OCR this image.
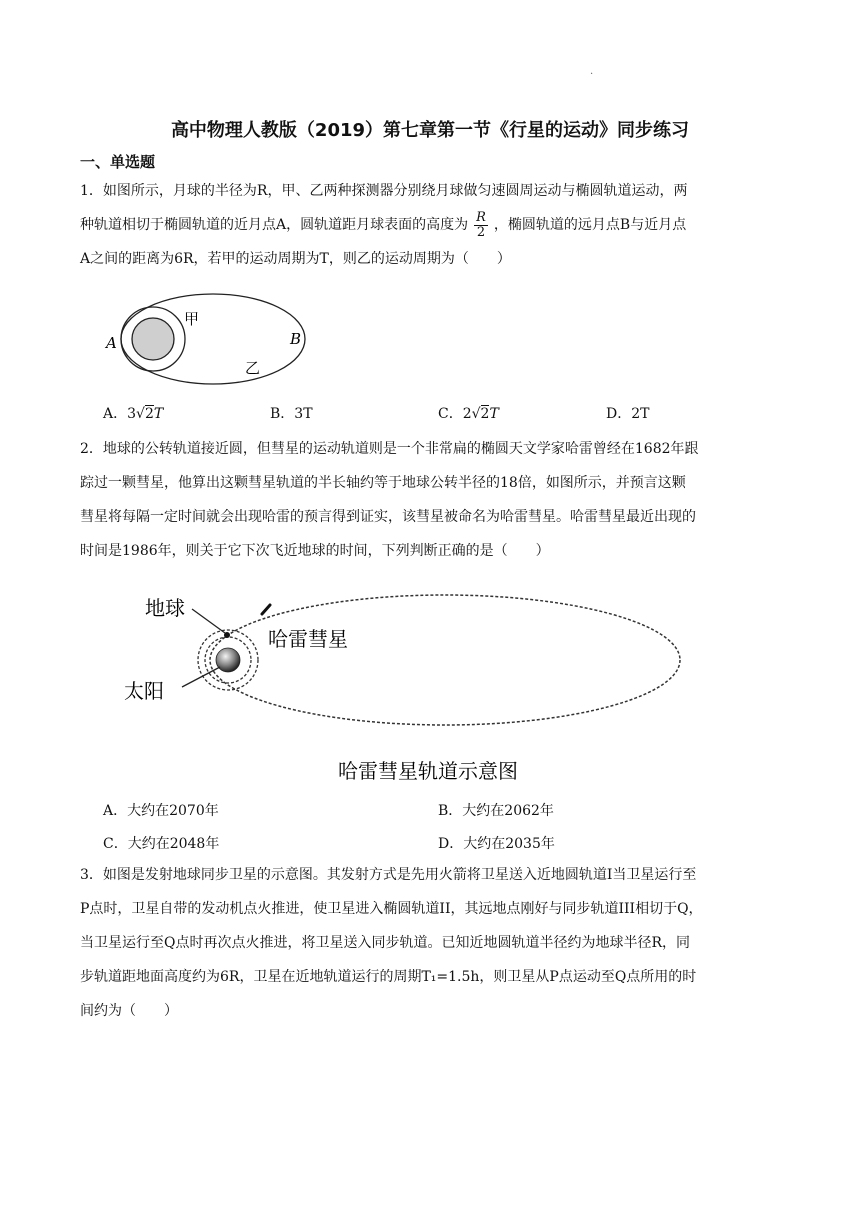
.
高中物理人教版（2019）第七章第一节《行星的运动》同步练习
一、单选题
1．如图所示，月球的半径为R，甲、乙两种探测器分别绕月球做匀速圆周运动与椭圆轨道运动，两
种轨道相切于椭圆轨道的近月点A，圆轨道距月球表面的高度为 $\frac{R}{2}$ ，椭圆轨道的远月点B与近月点
A之间的距离为6R，若甲的运动周期为T，则乙的运动周期为（　　）
甲
乙
A	B
A．3√2T	B．3T	C．2√2T	D．2T
2．地球的公转轨道接近圆，但彗星的运动轨道则是一个非常扁的椭圆天文学家哈雷曾经在1682年跟
踪过一颗彗星，他算出这颗彗星轨道的半长轴约等于地球公转半径的18倍，如图所示，并预言这颗
彗星将每隔一定时间就会出现哈雷的预言得到证实，该彗星被命名为哈雷彗星。哈雷彗星最近出现的
时间是1986年，则关于它下次飞近地球的时间，下列判断正确的是（　　）
地球
太阳
哈雷彗星
哈雷彗星轨道示意图
A．大约在2070年	B．大约在2062年
C．大约在2048年	D．大约在2035年
3．如图是发射地球同步卫星的示意图。其发射方式是先用火箭将卫星送入近地圆轨道I当卫星运行至
P点时，卫星自带的发动机点火推进，使卫星进入椭圆轨道II，其远地点刚好与同步轨道III相切于Q，
当卫星运行至Q点时再次点火推进，将卫星送入同步轨道。已知近地圆轨道半径约为地球半径R，同
步轨道距地面高度约为6R，卫星在近地轨道运行的周期T₁=1.5h，则卫星从P点运动至Q点所用的时
间约为（　　）
